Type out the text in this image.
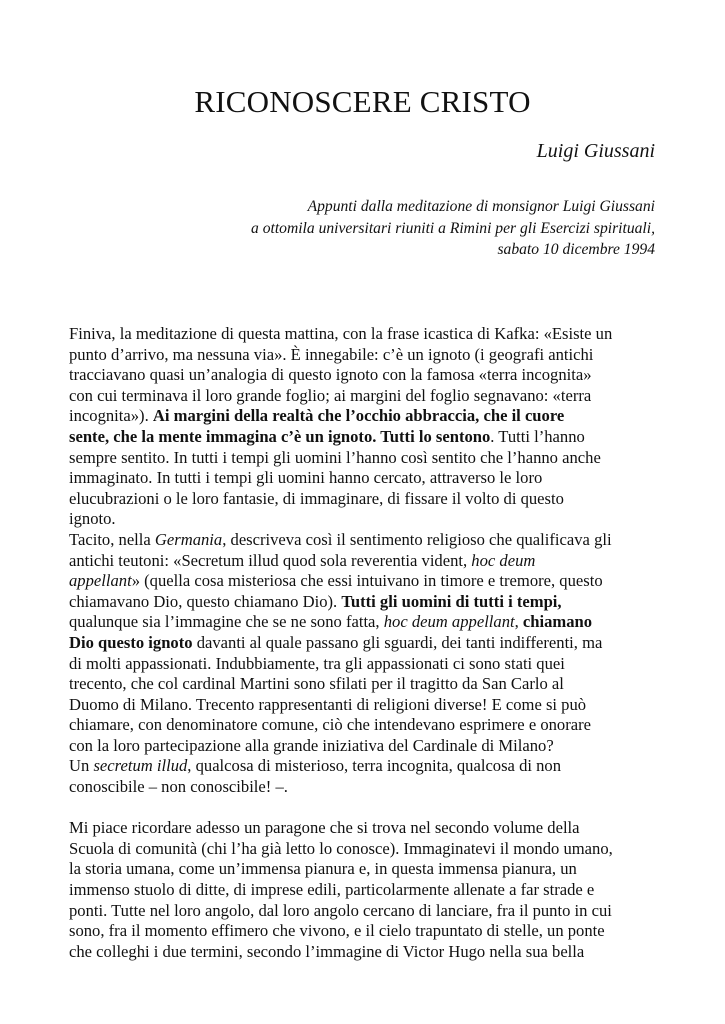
RICONOSCERE CRISTO
Luigi Giussani
Appunti dalla meditazione di monsignor Luigi Giussani
a ottomila universitari riuniti a Rimini per gli Esercizi spirituali,
sabato 10 dicembre 1994
Finiva, la meditazione di questa mattina, con la frase icastica di Kafka: «Esiste un
punto d’arrivo, ma nessuna via». È innegabile: c’è un ignoto (i geografi antichi
tracciavano quasi un’analogia di questo ignoto con la famosa «terra incognita»
con cui terminava il loro grande foglio; ai margini del foglio segnavano: «terra
incognita»). Ai margini della realtà che l’occhio abbraccia, che il cuore
sente, che la mente immagina c’è un ignoto. Tutti lo sentono. Tutti l’hanno
sempre sentito. In tutti i tempi gli uomini l’hanno così sentito che l’hanno anche
immaginato. In tutti i tempi gli uomini hanno cercato, attraverso le loro
elucubrazioni o le loro fantasie, di immaginare, di fissare il volto di questo
ignoto.
Tacito, nella Germania, descriveva così il sentimento religioso che qualificava gli
antichi teutoni: «Secretum illud quod sola reverentia vident, hoc deum
appellant» (quella cosa misteriosa che essi intuivano in timore e tremore, questo
chiamavano Dio, questo chiamano Dio). Tutti gli uomini di tutti i tempi,
qualunque sia l’immagine che se ne sono fatta, hoc deum appellant, chiamano
Dio questo ignoto davanti al quale passano gli sguardi, dei tanti indifferenti, ma
di molti appassionati. Indubbiamente, tra gli appassionati ci sono stati quei
trecento, che col cardinal Martini sono sfilati per il tragitto da San Carlo al
Duomo di Milano. Trecento rappresentanti di religioni diverse! E come si può
chiamare, con denominatore comune, ciò che intendevano esprimere e onorare
con la loro partecipazione alla grande iniziativa del Cardinale di Milano?
Un secretum illud, qualcosa di misterioso, terra incognita, qualcosa di non
conoscibile – non conoscibile! –.
Mi piace ricordare adesso un paragone che si trova nel secondo volume della
Scuola di comunità (chi l’ha già letto lo conosce). Immaginatevi il mondo umano,
la storia umana, come un’immensa pianura e, in questa immensa pianura, un
immenso stuolo di ditte, di imprese edili, particolarmente allenate a far strade e
ponti. Tutte nel loro angolo, dal loro angolo cercano di lanciare, fra il punto in cui
sono, fra il momento effimero che vivono, e il cielo trapuntato di stelle, un ponte
che colleghi i due termini, secondo l’immagine di Victor Hugo nella sua bella
